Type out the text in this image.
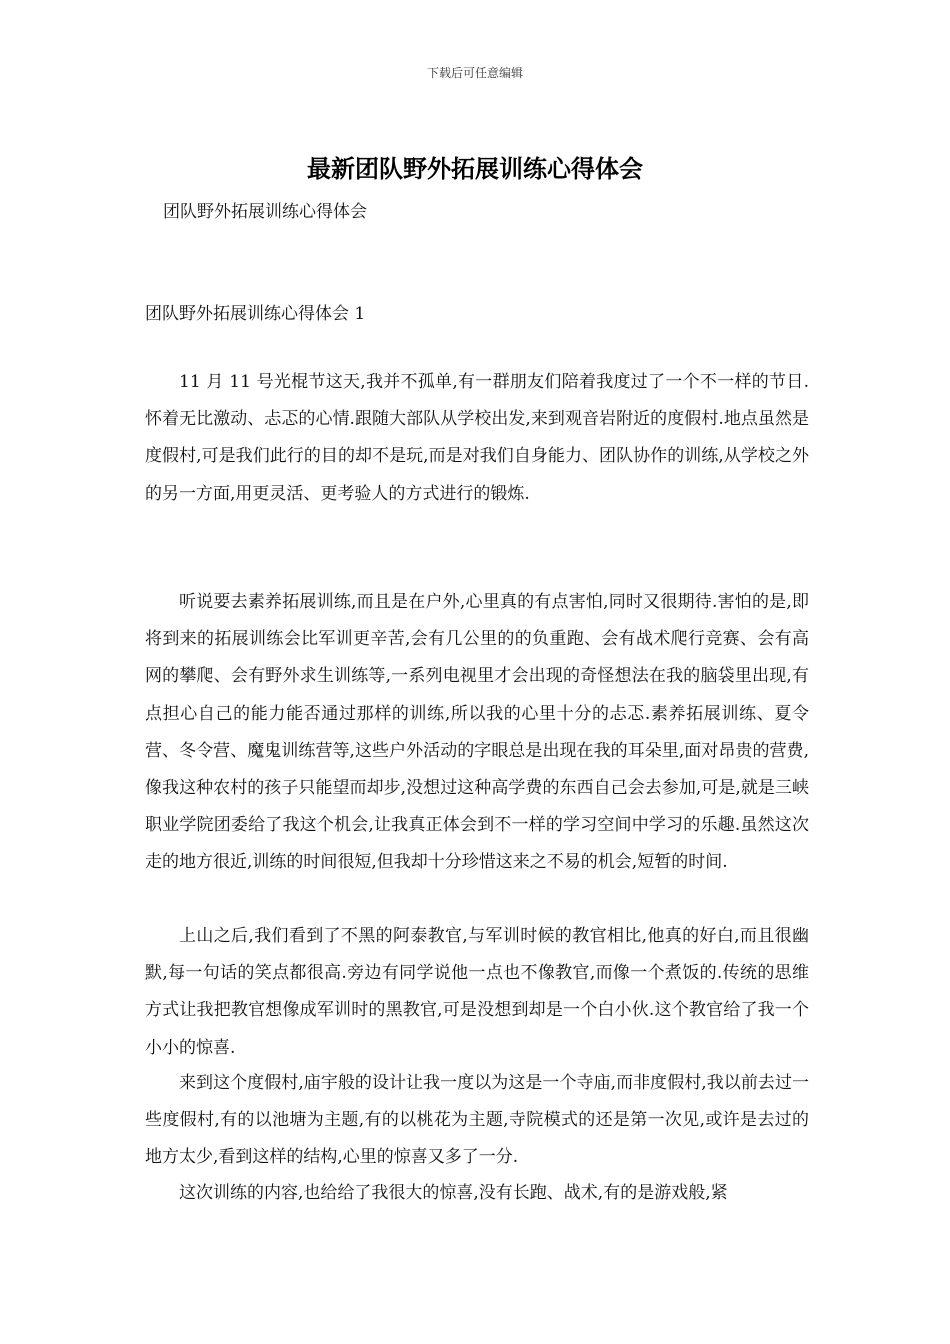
下载后可任意编辑
最新团队野外拓展训练心得体会
团队野外拓展训练心得体会
团队野外拓展训练心得体会 1

11 月 11 号光棍节这天,我并不孤单,有一群朋友们陪着我度过了一个不一样的节日.怀着无比激动、忐忑的心情.跟随大部队从学校出发,来到观音岩附近的度假村.地点虽然是度假村,可是我们此行的目的却不是玩,而是对我们自身能力、团队协作的训练,从学校之外的另一方面,用更灵活、更考验人的方式进行的锻炼.

听说要去素养拓展训练,而且是在户外,心里真的有点害怕,同时又很期待.害怕的是,即将到来的拓展训练会比军训更辛苦,会有几公里的的负重跑、会有战术爬行竞赛、会有高网的攀爬、会有野外求生训练等,一系列电视里才会出现的奇怪想法在我的脑袋里出现,有点担心自己的能力能否通过那样的训练,所以我的心里十分的忐忑.素养拓展训练、夏令营、冬令营、魔鬼训练营等,这些户外活动的字眼总是出现在我的耳朵里,面对昂贵的营费,像我这种农村的孩子只能望而却步,没想过这种高学费的东西自己会去参加,可是,就是三峡职业学院团委给了我这个机会,让我真正体会到不一样的学习空间中学习的乐趣.虽然这次走的地方很近,训练的时间很短,但我却十分珍惜这来之不易的机会,短暂的时间.

上山之后,我们看到了不黑的阿泰教官,与军训时候的教官相比,他真的好白,而且很幽默,每一句话的笑点都很高.旁边有同学说他一点也不像教官,而像一个煮饭的.传统的思维方式让我把教官想像成军训时的黑教官,可是没想到却是一个白小伙.这个教官给了我一个小小的惊喜.

来到这个度假村,庙宇般的设计让我一度以为这是一个寺庙,而非度假村,我以前去过一些度假村,有的以池塘为主题,有的以桃花为主题,寺院模式的还是第一次见,或许是去过的地方太少,看到这样的结构,心里的惊喜又多了一分.

这次训练的内容,也给给了我很大的惊喜,没有长跑、战术,有的是游戏般,紧
